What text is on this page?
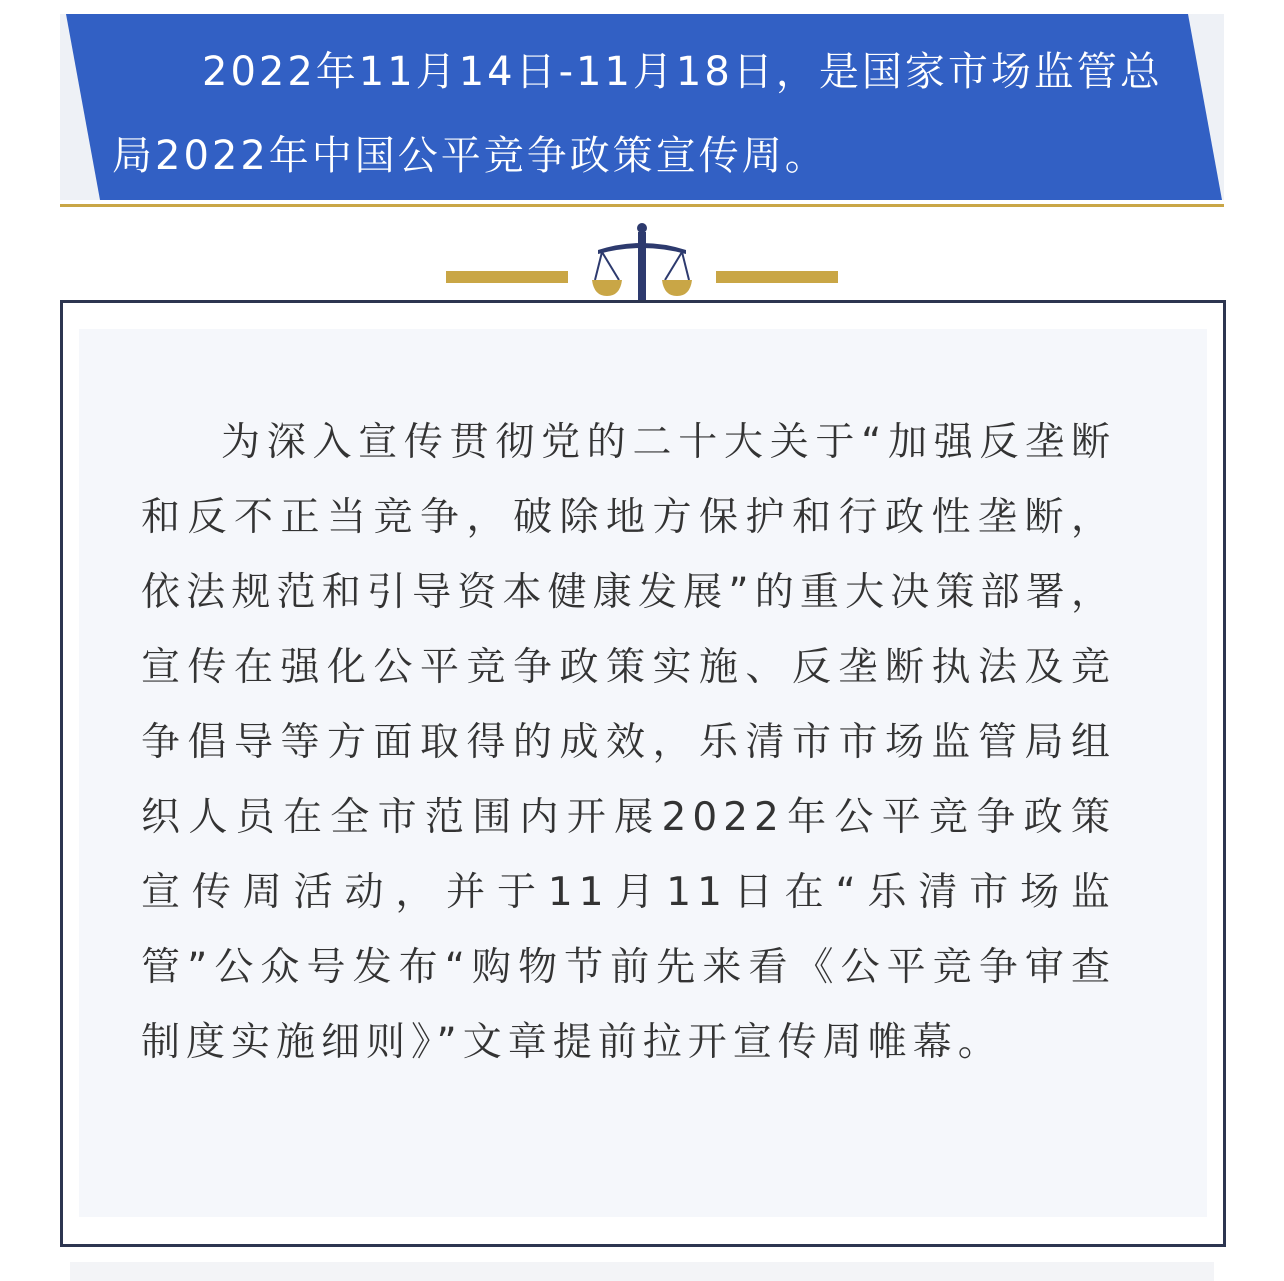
2022年11月14日-11月18日，是国家市场监管总局2022年中国公平竞争政策宣传周。
为深入宣传贯彻党的二十大关于“加强反垄断和反不正当竞争，破除地方保护和行政性垄断，依法规范和引导资本健康发展”的重大决策部署，宣传在强化公平竞争政策实施、反垄断执法及竞争倡导等方面取得的成效，乐清市市场监管局组织人员在全市范围内开展2022年公平竞争政策宣传周活动，并于11月11日在“乐清市场监管”公众号发布“购物节前先来看《公平竞争审查制度实施细则》”文章提前拉开宣传周帷幕。
